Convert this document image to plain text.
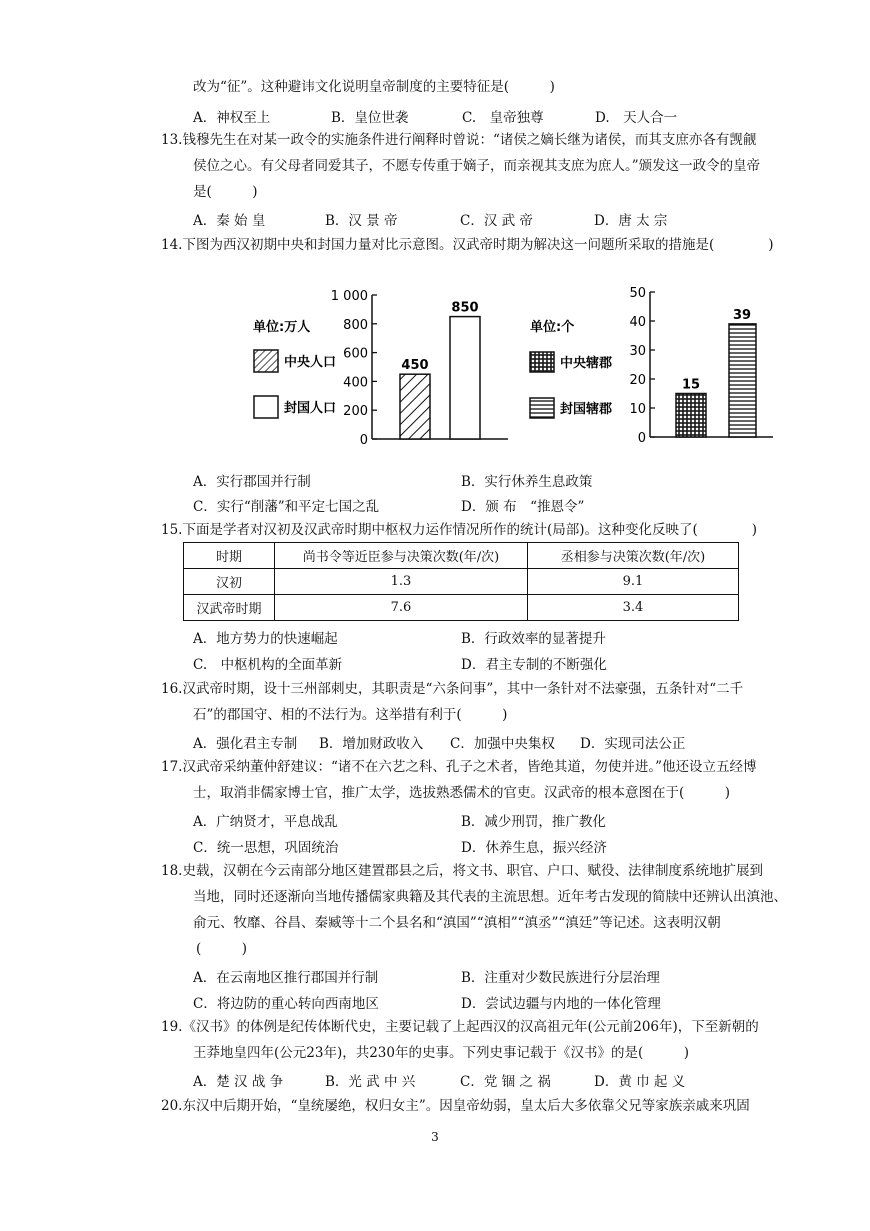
改为“征”。这种避讳文化说明皇帝制度的主要特征是(　　　)
A．神权至上	B．皇位世袭	C.　皇帝独尊	D.　天人合一
13.钱穆先生在对某一政令的实施条件进行阐释时曾说：“诸侯之嫡长继为诸侯，而其支庶亦各有觊觎
侯位之心。有父母者同爱其子，不愿专传重于嫡子，而亲视其支庶为庶人。”颁发这一政令的皇帝
是(　　　)
A．秦 始 皇	B．汉 景 帝	C．汉 武 帝	D．唐 太 宗
14.下图为西汉初期中央和封国力量对比示意图。汉武帝时期为解决这一问题所采取的措施是(　　　　)
单位:万人
中央人口
封国人口
0
200
400
600
800
1 000
450
850
单位:个
中央辖郡
封国辖郡
0
10
20
30
40
50
15
39
A．实行郡国并行制	B．实行休养生息政策
C．实行“削藩”和平定七国之乱	D．颁 布　“推恩令”
15.下面是学者对汉初及汉武帝时期中枢权力运作情况所作的统计(局部)。这种变化反映了(　　　　)
时期	尚书令等近臣参与决策次数(年/次)	丞相参与决策次数(年/次)
汉初	1.3	9.1
汉武帝时期	7.6	3.4
A．地方势力的快速崛起	B．行政效率的显著提升
C.　中枢机构的全面革新	D．君主专制的不断强化
16.汉武帝时期，设十三州部刺史，其职责是“六条问事”，其中一条针对不法豪强，五条针对“二千
石”的郡国守、相的不法行为。这举措有利于(　　　)
A．强化君主专制 B．增加财政收入 C．加强中央集权 D．实现司法公正
17.汉武帝采纳董仲舒建议：“诸不在六艺之科、孔子之术者，皆绝其道，勿使并进。”他还设立五经博
士，取消非儒家博士官，推广太学，选拔熟悉儒术的官吏。汉武帝的根本意图在于(　　　)
A．广纳贤才，平息战乱	B．减少刑罚，推广教化
C．统一思想，巩固统治	D．休养生息，振兴经济
18.史载，汉朝在今云南部分地区建置郡县之后，将文书、职官、户口、赋役、法律制度系统地扩展到
当地，同时还逐渐向当地传播儒家典籍及其代表的主流思想。近年考古发现的简牍中还辨认出滇池、
俞元、牧靡、谷昌、秦臧等十二个县名和“滇国”“滇相”“滇丞”“滇廷”等记述。这表明汉朝
(　　　)
A．在云南地区推行郡国并行制	B．注重对少数民族进行分层治理
C．将边防的重心转向西南地区	D．尝试边疆与内地的一体化管理
19.《汉书》的体例是纪传体断代史，主要记载了上起西汉的汉高祖元年(公元前206年)，下至新朝的
王莽地皇四年(公元23年)，共230年的史事。下列史事记载于《汉书》的是(　　　)
A．楚 汉 战 争	B．光 武 中 兴	C．党 锢 之 祸	D．黄 巾 起 义
20.东汉中后期开始，“皇统屡绝，权归女主”。因皇帝幼弱，皇太后大多依靠父兄等家族亲戚来巩固
3
